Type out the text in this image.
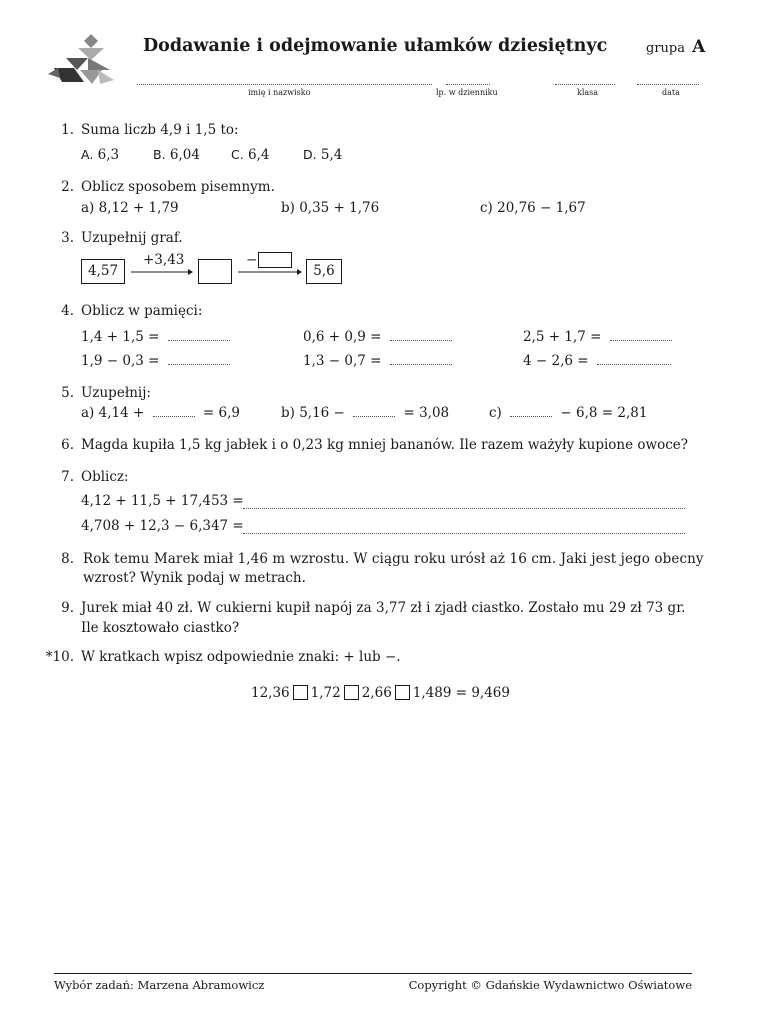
Dodawanie i odejmowanie ułamków dziesiętnyc	grupa A
imię i nazwisko	lp. w dzienniku	klasa	data
1. Suma liczb 4,9 i 1,5 to:
A. 6,3	B. 6,04 C. 6,4	D. 5,4
2. Oblicz sposobem pisemnym.
a) 8,12 + 1,79	b) 0,35 + 1,76	c) 20,76 − 1,67
3. Uzupełnij graf.
4,57
+3,43	−
5,6
4. Oblicz w pamięci:
1,4 + 1,5 =	0,6 + 0,9 =	2,5 + 1,7 =
1,9 − 0,3 =	1,3 − 0,7 =	4 − 2,6 =
5. Uzupełnij:
a) 4,14 +	= 6,9	b) 5,16 −	= 3,08	c)	− 6,8 = 2,81
6. Magda kupiła 1,5 kg jabłek i o 0,23 kg mniej bananów. Ile razem ważyły kupione owoce?
7. Oblicz:
4,12 + 11,5 + 17,453 =
4,708 + 12,3 − 6,347 =
8. Rok temu Marek miał 1,46 m wzrostu. W ciągu roku urósł aż 16 cm. Jaki jest jego obecny
wzrost? Wynik podaj w metrach.
9. Jurek miał 40 zł. W cukierni kupił napój za 3,77 zł i zjadł ciastko. Zostało mu 29 zł 73 gr.
Ile kosztowało ciastko?
*10. W kratkach wpisz odpowiednie znaki: + lub −.
12,36 1,72 2,66 1,489 = 9,469
Wybór zadań: Marzena Abramowicz	Copyright © Gdańskie Wydawnictwo Oświatowe
